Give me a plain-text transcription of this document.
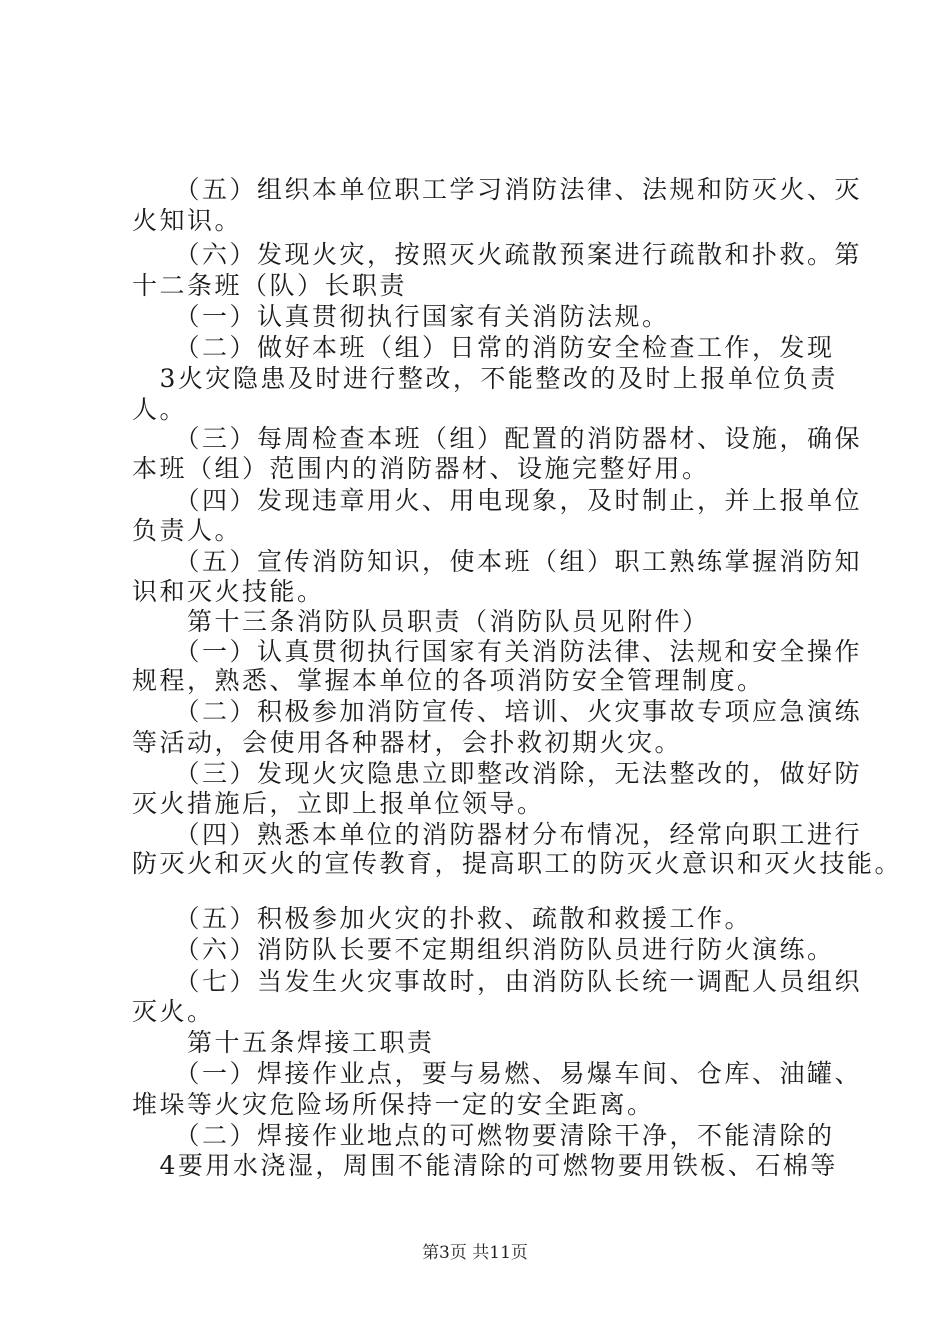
　　（五）组织本单位职工学习消防法律、法规和防灭火、灭
火知识。
　　（六）发现火灾，按照灭火疏散预案进行疏散和扑救。第
十二条班（队）长职责
　　（一）认真贯彻执行国家有关消防法规。
　　（二）做好本班（组）日常的消防安全检查工作，发现
　3火灾隐患及时进行整改，不能整改的及时上报单位负责
人。
　　（三）每周检查本班（组）配置的消防器材、设施，确保
本班（组）范围内的消防器材、设施完整好用。
　　（四）发现违章用火、用电现象，及时制止，并上报单位
负责人。
　　（五）宣传消防知识，使本班（组）职工熟练掌握消防知
识和灭火技能。
　　第十三条消防队员职责（消防队员见附件）
　　（一）认真贯彻执行国家有关消防法律、法规和安全操作
规程，熟悉、掌握本单位的各项消防安全管理制度。
　　（二）积极参加消防宣传、培训、火灾事故专项应急演练
等活动，会使用各种器材，会扑救初期火灾。
　　（三）发现火灾隐患立即整改消除，无法整改的，做好防
灭火措施后，立即上报单位领导。
　　（四）熟悉本单位的消防器材分布情况，经常向职工进行
防灭火和灭火的宣传教育，提高职工的防灭火意识和灭火技能。
　　（五）积极参加火灾的扑救、疏散和救援工作。
　　（六）消防队长要不定期组织消防队员进行防火演练。
　　（七）当发生火灾事故时，由消防队长统一调配人员组织
灭火。
　　第十五条焊接工职责
　　（一）焊接作业点，要与易燃、易爆车间、仓库、油罐、
堆垛等火灾危险场所保持一定的安全距离。
　　（二）焊接作业地点的可燃物要清除干净，不能清除的
　4要用水浇湿，周围不能清除的可燃物要用铁板、石棉等
第3页 共11页
